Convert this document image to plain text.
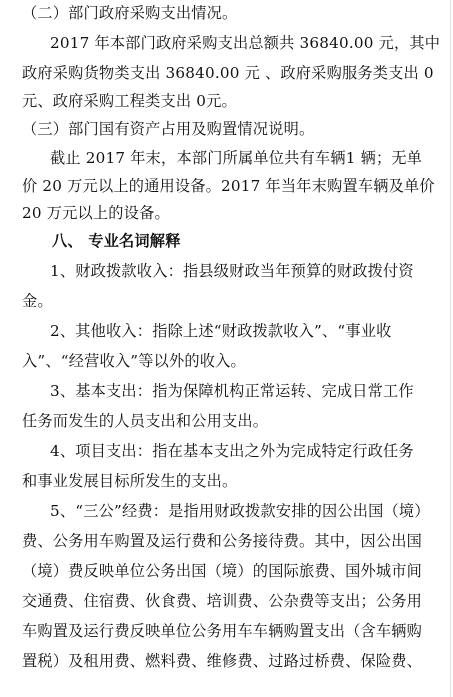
（二）部门政府采购支出情况。
2017 年本部门政府采购支出总额共 36840.00 元，其中
政府采购货物类支出 36840.00 元 、政府采购服务类支出 0
元、政府采购工程类支出 0元。
（三）部门国有资产占用及购置情况说明。
截止 2017 年末，本部门所属单位共有车辆1 辆；无单
价 20 万元以上的通用设备。2017 年当年末购置车辆及单价
20 万元以上的设备。
八、 专业名词解释
1、财政拨款收入：指县级财政当年预算的财政拨付资
金。
2、其他收入：指除上述“财政拨款收入”、“事业收
入”、“经营收入”等以外的收入。
3、基本支出：指为保障机构正常运转、完成日常工作
任务而发生的人员支出和公用支出。
4、项目支出：指在基本支出之外为完成特定行政任务
和事业发展目标所发生的支出。
5、“三公”经费：是指用财政拨款安排的因公出国（境）
费、公务用车购置及运行费和公务接待费。其中，因公出国
（境）费反映单位公务出国（境）的国际旅费、国外城市间
交通费、住宿费、伙食费、培训费、公杂费等支出；公务用
车购置及运行费反映单位公务用车车辆购置支出（含车辆购
置税）及租用费、燃料费、维修费、过路过桥费、保险费、
